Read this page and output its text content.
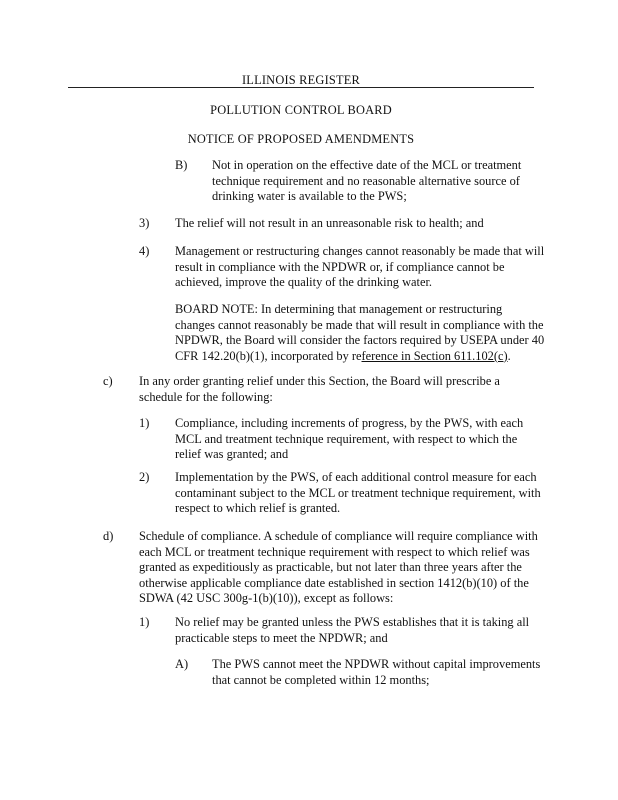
ILLINOIS REGISTER
POLLUTION CONTROL BOARD
NOTICE OF PROPOSED AMENDMENTS
B) Not in operation on the effective date of the MCL or treatment technique requirement and no reasonable alternative source of drinking water is available to the PWS;
3) The relief will not result in an unreasonable risk to health; and
4) Management or restructuring changes cannot reasonably be made that will result in compliance with the NPDWR or, if compliance cannot be achieved, improve the quality of the drinking water.
BOARD NOTE: In determining that management or restructuring changes cannot reasonably be made that will result in compliance with the NPDWR, the Board will consider the factors required by USEPA under 40 CFR 142.20(b)(1), incorporated by reference in Section 611.102(c).
c) In any order granting relief under this Section, the Board will prescribe a schedule for the following:
1) Compliance, including increments of progress, by the PWS, with each MCL and treatment technique requirement, with respect to which the relief was granted; and
2) Implementation by the PWS, of each additional control measure for each contaminant subject to the MCL or treatment technique requirement, with respect to which relief is granted.
d) Schedule of compliance. A schedule of compliance will require compliance with each MCL or treatment technique requirement with respect to which relief was granted as expeditiously as practicable, but not later than three years after the otherwise applicable compliance date established in section 1412(b)(10) of the SDWA (42 USC 300g-1(b)(10)), except as follows:
1) No relief may be granted unless the PWS establishes that it is taking all practicable steps to meet the NPDWR; and
A) The PWS cannot meet the NPDWR without capital improvements that cannot be completed within 12 months;
